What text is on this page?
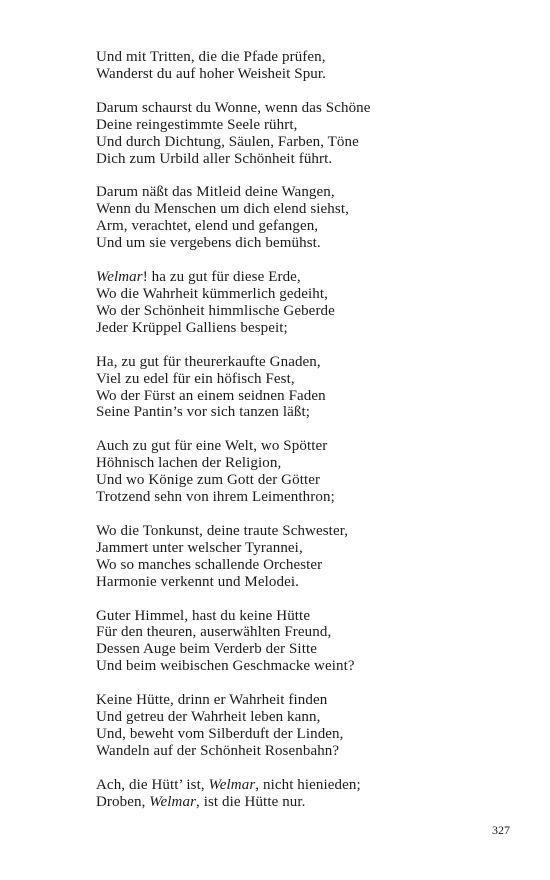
Und mit Tritten, die die Pfade prüfen,
Wanderst du auf hoher Weisheit Spur.
Darum schaurst du Wonne, wenn das Schöne
Deine reingestimmte Seele rührt,
Und durch Dichtung, Säulen, Farben, Töne
Dich zum Urbild aller Schönheit führt.
Darum näßt das Mitleid deine Wangen,
Wenn du Menschen um dich elend siehst,
Arm, verachtet, elend und gefangen,
Und um sie vergebens dich bemühst.
Welmar! ha zu gut für diese Erde,
Wo die Wahrheit kümmerlich gedeiht,
Wo der Schönheit himmlische Geberde
Jeder Krüppel Galliens bespeit;
Ha, zu gut für theurerkaufte Gnaden,
Viel zu edel für ein höfisch Fest,
Wo der Fürst an einem seidnen Faden
Seine Pantin’s vor sich tanzen läßt;
Auch zu gut für eine Welt, wo Spötter
Höhnisch lachen der Religion,
Und wo Könige zum Gott der Götter
Trotzend sehn von ihrem Leimenthron;
Wo die Tonkunst, deine traute Schwester,
Jammert unter welscher Tyrannei,
Wo so manches schallende Orchester
Harmonie verkennt und Melodei.
Guter Himmel, hast du keine Hütte
Für den theuren, auserwählten Freund,
Dessen Auge beim Verderb der Sitte
Und beim weibischen Geschmacke weint?
Keine Hütte, drinn er Wahrheit finden
Und getreu der Wahrheit leben kann,
Und, beweht vom Silberduft der Linden,
Wandeln auf der Schönheit Rosenbahn?
Ach, die Hütt’ ist, Welmar, nicht hienieden;
Droben, Welmar, ist die Hütte nur.
327
